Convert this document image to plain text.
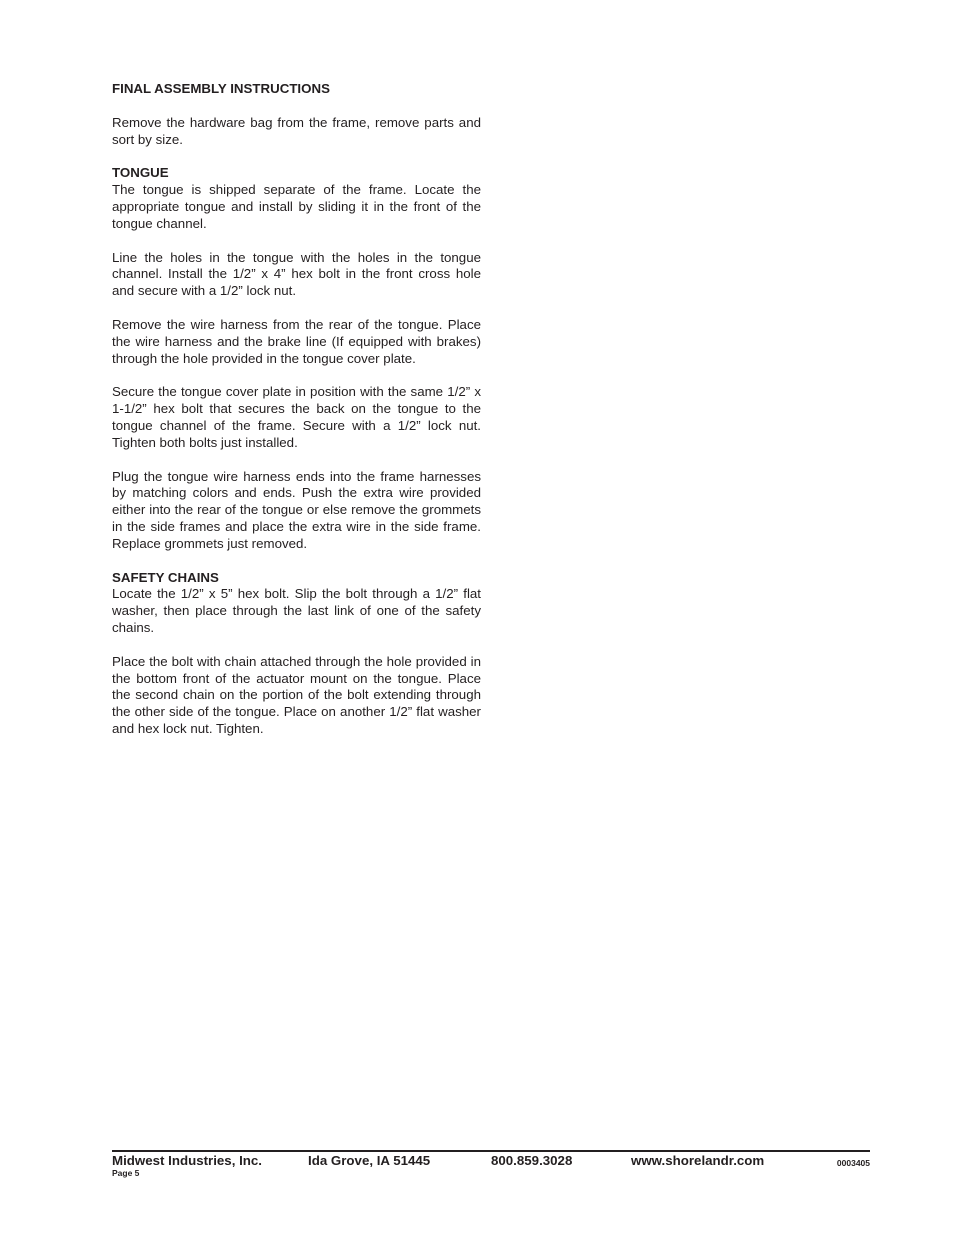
FINAL ASSEMBLY INSTRUCTIONS

Remove the hardware bag from the frame, remove parts and sort by size.

TONGUE

The tongue is shipped separate of the frame. Locate the appropriate tongue and install by sliding it in the front of the tongue channel.

Line the holes in the tongue with the holes in the tongue channel. Install the 1/2” x 4” hex bolt in the front cross hole and secure with a 1/2” lock nut.

Remove the wire harness from the rear of the tongue. Place the wire harness and the brake line (If equipped with brakes) through the hole provided in the tongue cover plate.

Secure the tongue cover plate in position with the same 1/2” x 1-1/2” hex bolt that secures the back on the tongue to the tongue channel of the frame. Secure with a 1/2” lock nut. Tighten both bolts just installed.

Plug the tongue wire harness ends into the frame harnesses by matching colors and ends. Push the extra wire provided either into the rear of the tongue or else remove the grommets in the side frames and place the extra wire in the side frame. Replace grommets just removed.

SAFETY CHAINS

Locate the 1/2” x 5” hex bolt. Slip the bolt through a 1/2” flat washer, then place through the last link of one of the safety chains.

Place the bolt with chain attached through the hole provided in the bottom front of the actuator mount on the tongue. Place the second chain on the portion of the bolt extending through the other side of the tongue. Place on another 1/2” flat washer and hex lock nut. Tighten.

Midwest Industries, Inc.	Ida Grove, IA 51445	800.859.3028	www.shorelandr.com	0003405
Page 5
